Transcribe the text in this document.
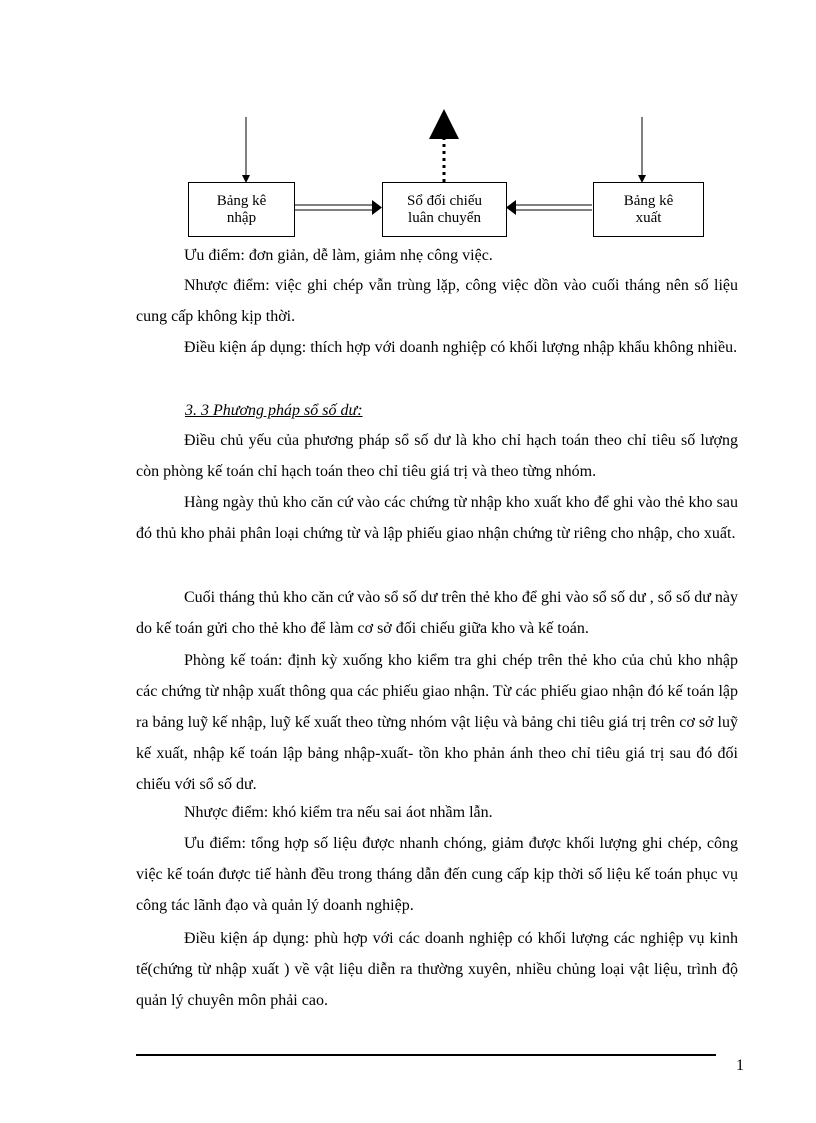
Bảng kê
nhập
Sổ đối chiếu
luân chuyển
Bảng kê
xuất

Ưu điểm: đơn giản, dễ làm, giảm nhẹ công việc.

Nhược điểm: việc ghi chép vẫn trùng lặp, công việc dồn vào cuối tháng nên số liệu cung cấp không kịp thời.

Điều kiện áp dụng: thích hợp với doanh nghiệp có khối lượng nhập khẩu không nhiều.

3. 3 Phương pháp sổ số dư:

Điều chủ yếu của phương pháp sổ số dư là kho chỉ hạch toán theo chỉ tiêu số lượng còn phòng kế toán chỉ hạch toán theo chỉ tiêu giá trị và theo từng nhóm.

Hàng ngày thủ kho căn cứ vào các chứng từ nhập kho xuất kho để ghi vào thẻ kho sau đó thủ kho phải phân loại chứng từ và lập phiếu giao nhận chứng từ riêng cho nhập, cho xuất.

Cuối tháng thủ kho căn cứ vào sổ số dư trên thẻ kho để ghi vào sổ số dư , sổ số dư này do kế toán gửi cho thẻ kho để làm cơ sở đối chiếu giữa kho và kế toán.

Phòng kế toán: định kỳ xuống kho kiểm tra ghi chép trên thẻ kho của chủ kho nhập các chứng từ nhập xuất thông qua các phiếu giao nhận. Từ các phiếu giao nhận đó kế toán lập ra bảng luỹ kế nhập, luỹ kế xuất theo từng nhóm vật liệu và bảng chi tiêu giá trị trên cơ sở luỹ kế xuất, nhập kế toán lập bảng nhập-xuất- tồn kho phản ánh theo chỉ tiêu giá trị sau đó đối chiếu với sổ số dư.

Nhược điểm: khó kiểm tra nếu sai áot nhầm lẫn.

Ưu điểm: tổng hợp số liệu được nhanh chóng, giảm được khối lượng ghi chép, công việc kế toán được tiế hành đều trong tháng dẫn đến cung cấp kịp thời số liệu kế toán phục vụ công tác lãnh đạo và quản lý doanh nghiệp.

Điều kiện áp dụng: phù hợp với các doanh nghiệp có khối lượng các nghiệp vụ kinh tế(chứng từ nhập xuất ) về vật liệu diễn ra thường xuyên, nhiều chủng loại vật liệu, trình độ quản lý chuyên môn phải cao.

1
